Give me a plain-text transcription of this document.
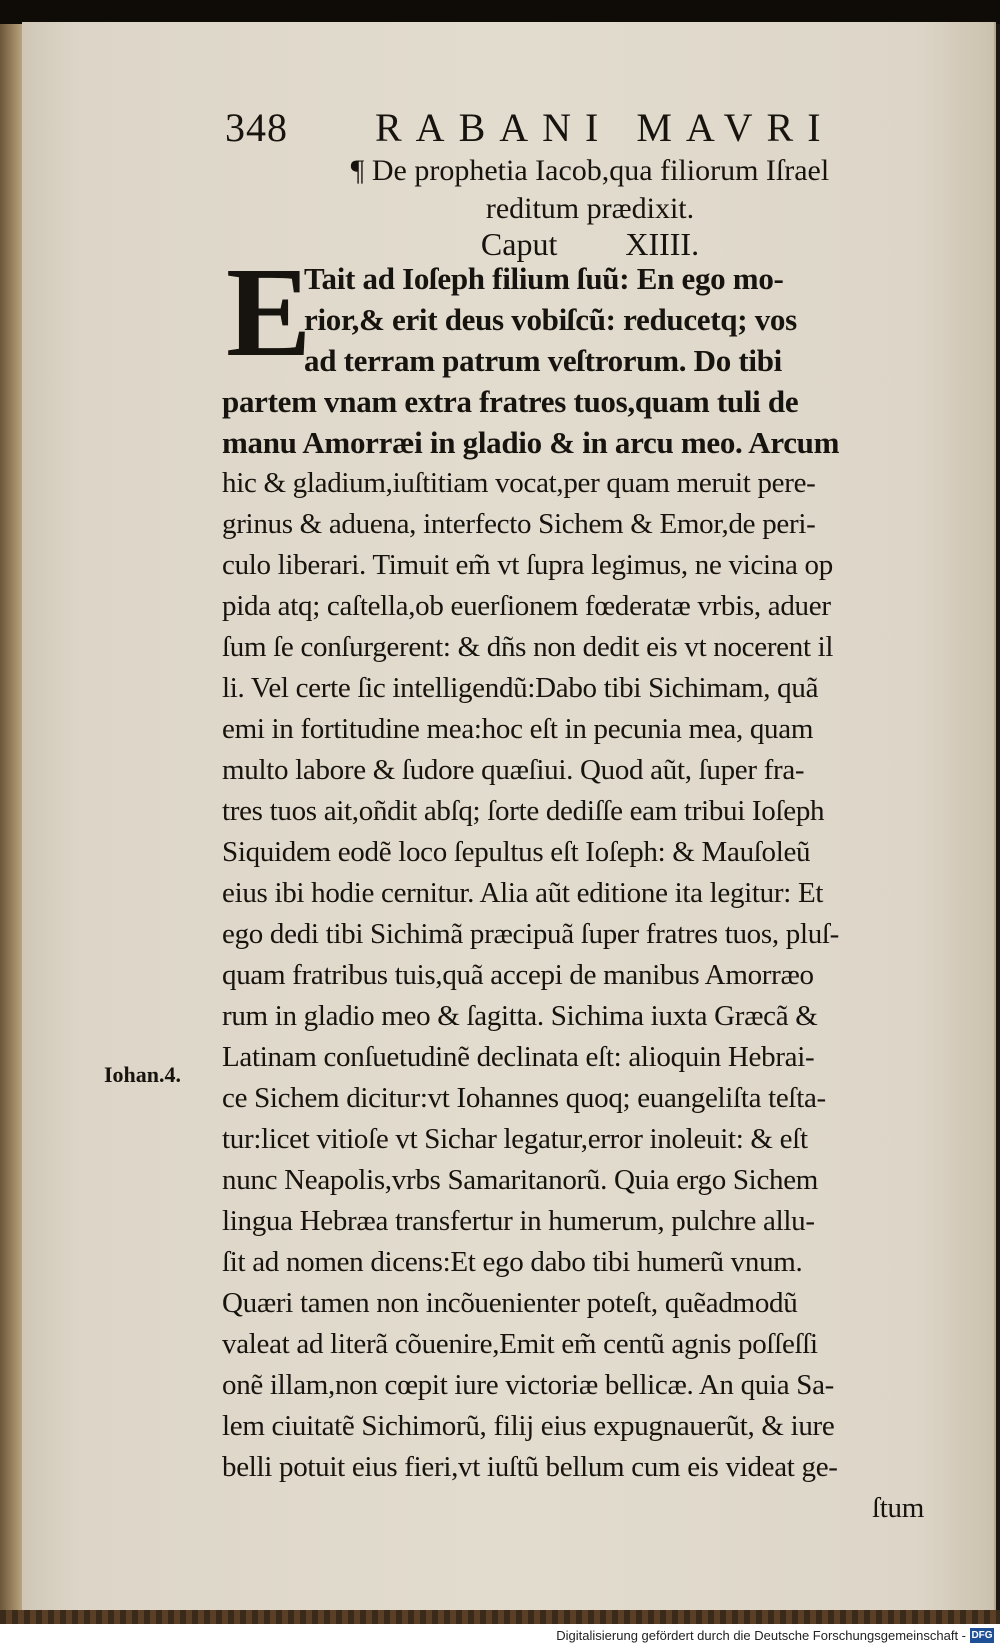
348 RABANI MAVRI
¶ De prophetia Iacob,qua filiorum Iſrael
reditum prædixit.
Caput XIIII.
E
Tait ad Ioſeph filium ſuũ: En ego mo-
rior,& erit deus vobiſcũ: reducetq; vos
ad terram patrum veſtrorum. Do tibi
partem vnam extra fratres tuos,quam tuli de
manu Amorræi in gladio & in arcu meo. Arcum
hic & gladium,iuſtitiam vocat,per quam meruit pere-
grinus & aduena, interfecto Sichem & Emor,de peri-
culo liberari. Timuit em̃ vt ſupra legimus, ne vicina op
pida atq; caſtella,ob euerſionem fœderatæ vrbis, aduer
ſum ſe conſurgerent: & dñs non dedit eis vt nocerent il
li. Vel certe ſic intelligendũ:Dabo tibi Sichimam, quã
emi in fortitudine mea:hoc eſt in pecunia mea, quam
multo labore & ſudore quæſiui. Quod aũt, ſuper fra-
tres tuos ait,oñdit abſq; ſorte dediſſe eam tribui Ioſeph
Siquidem eodẽ loco ſepultus eſt Ioſeph: & Mauſoleũ
eius ibi hodie cernitur. Alia aũt editione ita legitur: Et
ego dedi tibi Sichimã præcipuã ſuper fratres tuos, pluſ-
quam fratribus tuis,quã accepi de manibus Amorræo
rum in gladio meo & ſagitta. Sichima iuxta Græcã &
Latinam conſuetudinẽ declinata eſt: alioquin Hebrai-
ce Sichem dicitur:vt Iohannes quoq; euangeliſta teſta-
tur:licet vitioſe vt Sichar legatur,error inoleuit: & eſt
nunc Neapolis,vrbs Samaritanorũ. Quia ergo Sichem
lingua Hebræa transfertur in humerum, pulchre allu-
ſit ad nomen dicens:Et ego dabo tibi humerũ vnum.
Quæri tamen non incõuenienter poteſt, quẽadmodũ
valeat ad literã cõuenire,Emit em̃ centũ agnis poſſeſſi
onẽ illam,non cœpit iure victoriæ bellicæ. An quia Sa-
lem ciuitatẽ Sichimorũ, filij eius expugnauerũt, & iure
belli potuit eius fieri,vt iuſtũ bellum cum eis videat ge-
ſtum
Iohan.4.
Digitalisierung gefördert durch die Deutsche Forschungsgemeinschaft - DFG
